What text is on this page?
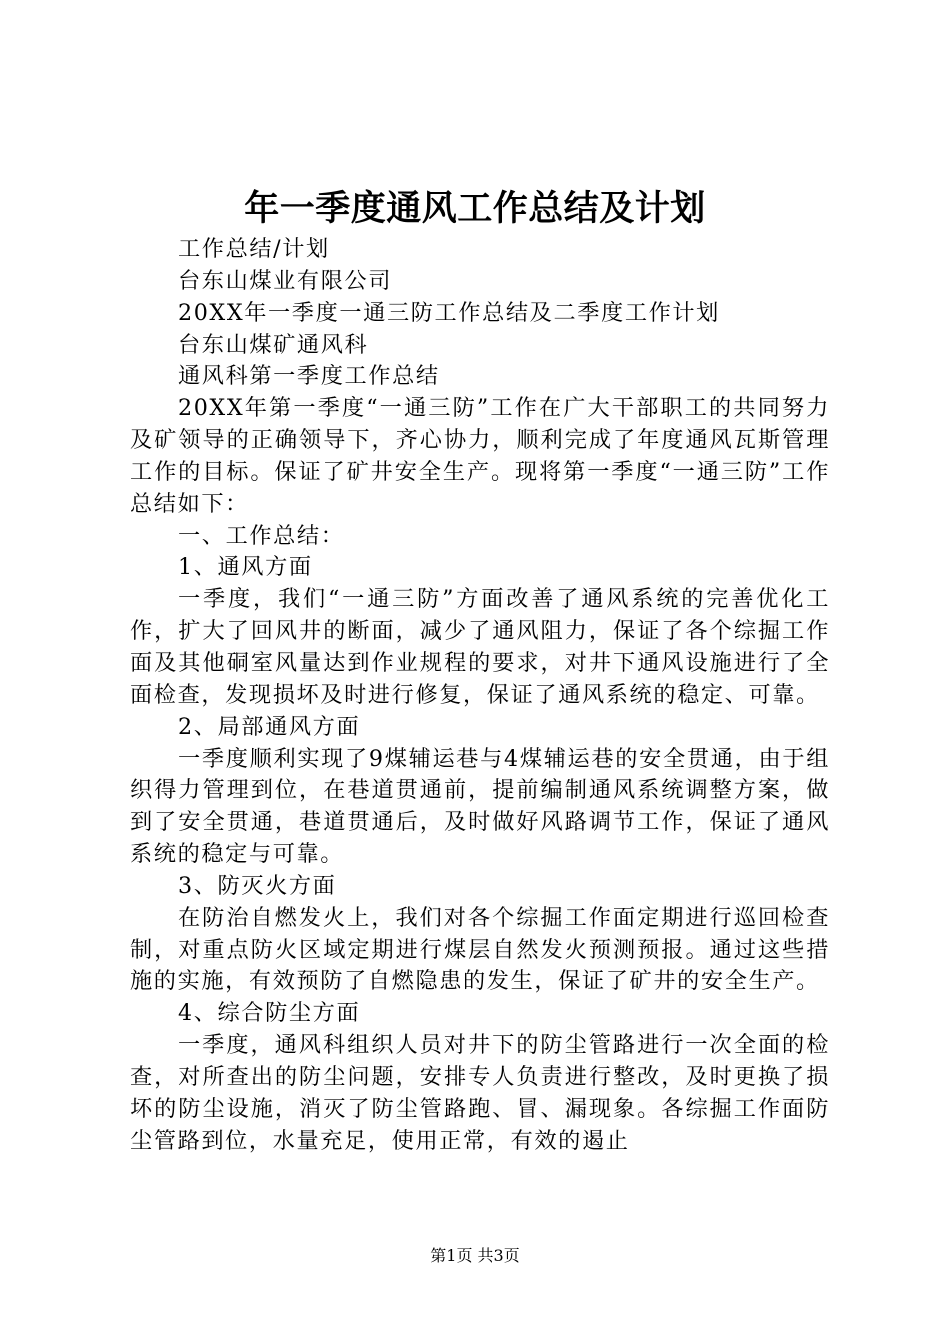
年一季度通风工作总结及计划

工作总结/计划

台东山煤业有限公司

20XX年一季度一通三防工作总结及二季度工作计划

台东山煤矿通风科

通风科第一季度工作总结

20XX年第一季度“一通三防”工作在广大干部职工的共同努力及矿领导的正确领导下，齐心协力，顺利完成了年度通风瓦斯管理工作的目标。保证了矿井安全生产。现将第一季度“一通三防”工作总结如下：

一、工作总结：

1、通风方面

一季度，我们“一通三防”方面改善了通风系统的完善优化工作，扩大了回风井的断面，减少了通风阻力，保证了各个综掘工作面及其他硐室风量达到作业规程的要求，对井下通风设施进行了全面检查，发现损坏及时进行修复，保证了通风系统的稳定、可靠。

2、局部通风方面

一季度顺利实现了9煤辅运巷与4煤辅运巷的安全贯通，由于组织得力管理到位，在巷道贯通前，提前编制通风系统调整方案，做到了安全贯通，巷道贯通后，及时做好风路调节工作，保证了通风系统的稳定与可靠。

3、防灭火方面

在防治自燃发火上，我们对各个综掘工作面定期进行巡回检查制，对重点防火区域定期进行煤层自然发火预测预报。通过这些措施的实施，有效预防了自燃隐患的发生，保证了矿井的安全生产。

4、综合防尘方面

一季度，通风科组织人员对井下的防尘管路进行一次全面的检查，对所查出的防尘问题，安排专人负责进行整改，及时更换了损坏的防尘设施，消灭了防尘管路跑、冒、漏现象。各综掘工作面防尘管路到位，水量充足，使用正常，有效的遏止

第1页 共3页
